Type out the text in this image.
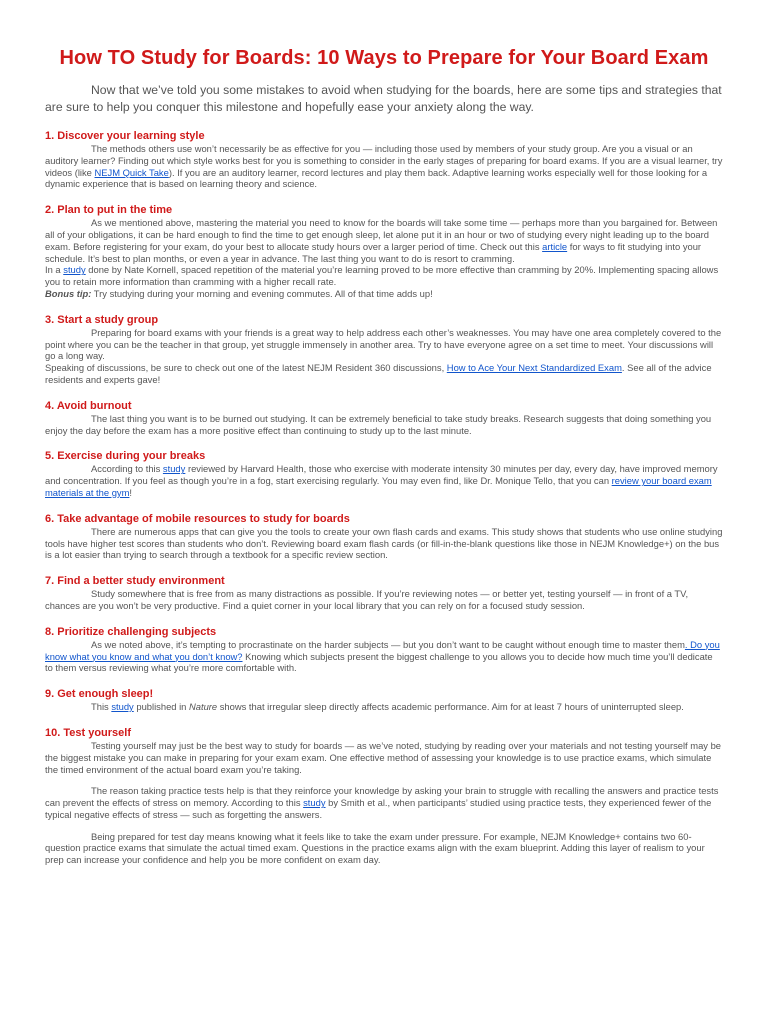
How TO Study for Boards: 10 Ways to Prepare for Your Board Exam

Now that we’ve told you some mistakes to avoid when studying for the boards, here are some tips and strategies that are sure to help you conquer this milestone and hopefully ease your anxiety along the way.

1. Discover your learning style

The methods others use won’t necessarily be as effective for you — including those used by members of your study group. Are you a visual or an auditory learner? Finding out which style works best for you is something to consider in the early stages of preparing for board exams. If you are a visual learner, try videos (like NEJM Quick Take). If you are an auditory learner, record lectures and play them back. Adaptive learning works especially well for those looking for a dynamic experience that is based on learning theory and science.

2. Plan to put in the time

As we mentioned above, mastering the material you need to know for the boards will take some time — perhaps more than you bargained for. Between all of your obligations, it can be hard enough to find the time to get enough sleep, let alone put it in an hour or two of studying every night leading up to the board exam. Before registering for your exam, do your best to allocate study hours over a larger period of time. Check out this article for ways to fit studying into your schedule. It’s best to plan months, or even a year in advance. The last thing you want to do is resort to cramming.

In a study done by Nate Kornell, spaced repetition of the material you’re learning proved to be more effective than cramming by 20%. Implementing spacing allows you to retain more information than cramming with a higher recall rate.

Bonus tip: Try studying during your morning and evening commutes. All of that time adds up!

3. Start a study group

Preparing for board exams with your friends is a great way to help address each other’s weaknesses. You may have one area completely covered to the point where you can be the teacher in that group, yet struggle immensely in another area. Try to have everyone agree on a set time to meet. Your discussions will go a long way.

Speaking of discussions, be sure to check out one of the latest NEJM Resident 360 discussions, How to Ace Your Next Standardized Exam. See all of the advice residents and experts gave!

4. Avoid burnout

The last thing you want is to be burned out studying. It can be extremely beneficial to take study breaks. Research suggests that doing something you enjoy the day before the exam has a more positive effect than continuing to study up to the last minute.

5. Exercise during your breaks

According to this study reviewed by Harvard Health, those who exercise with moderate intensity 30 minutes per day, every day, have improved memory and concentration. If you feel as though you’re in a fog, start exercising regularly. You may even find, like Dr. Monique Tello, that you can review your board exam materials at the gym!

6. Take advantage of mobile resources to study for boards

There are numerous apps that can give you the tools to create your own flash cards and exams. This study shows that students who use online studying tools have higher test scores than students who don’t. Reviewing board exam flash cards (or fill-in-the-blank questions like those in NEJM Knowledge+) on the bus is a lot easier than trying to search through a textbook for a specific review section.

7. Find a better study environment

Study somewhere that is free from as many distractions as possible. If you’re reviewing notes — or better yet, testing yourself — in front of a TV, chances are you won’t be very productive. Find a quiet corner in your local library that you can rely on for a focused study session.

8. Prioritize challenging subjects

As we noted above, it’s tempting to procrastinate on the harder subjects — but you don’t want to be caught without enough time to master them. Do you know what you know and what you don’t know? Knowing which subjects present the biggest challenge to you allows you to decide how much time you’ll dedicate to them versus reviewing what you’re more comfortable with.

9. Get enough sleep!

This study published in Nature shows that irregular sleep directly affects academic performance. Aim for at least 7 hours of uninterrupted sleep.

10. Test yourself

Testing yourself may just be the best way to study for boards — as we’ve noted, studying by reading over your materials and not testing yourself may be the biggest mistake you can make in preparing for your exam exam. One effective method of assessing your knowledge is to use practice exams, which simulate the timed environment of the actual board exam you’re taking.

The reason taking practice tests help is that they reinforce your knowledge by asking your brain to struggle with recalling the answers and practice tests can prevent the effects of stress on memory. According to this study by Smith et al., when participants’ studied using practice tests, they experienced fewer of the typical negative effects of stress — such as forgetting the answers.

Being prepared for test day means knowing what it feels like to take the exam under pressure. For example, NEJM Knowledge+ contains two 60-question practice exams that simulate the actual timed exam. Questions in the practice exams align with the exam blueprint. Adding this layer of realism to your prep can increase your confidence and help you be more confident on exam day.
